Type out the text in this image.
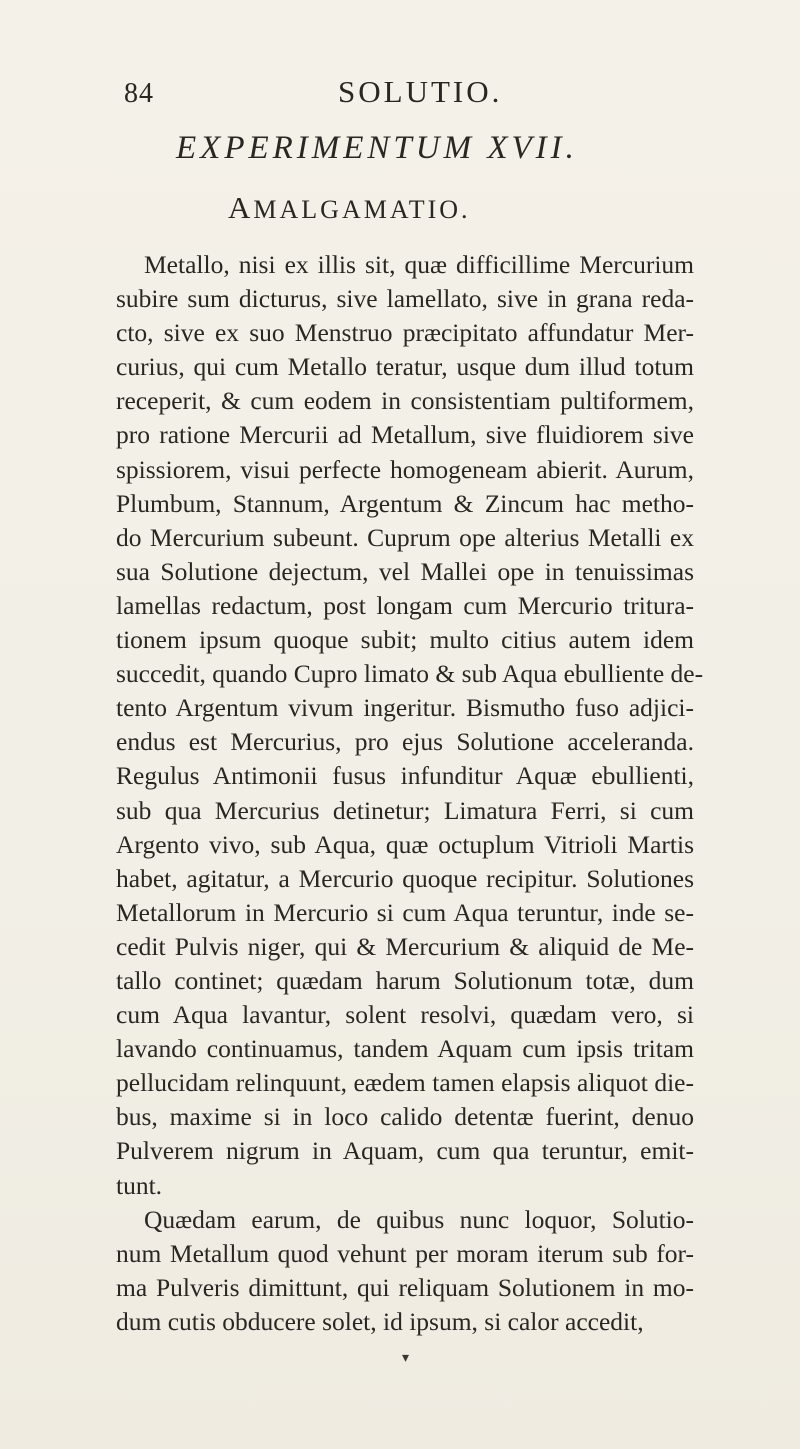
84	SOLUTIO.
EXPERIMENTUM XVII.
AMALGAMATIO.
Metallo, nisi ex illis sit, quæ difficillime Mercurium
subire sum dicturus, sive lamellato, sive in grana reda-
cto, sive ex suo Menstruo præcipitato affundatur Mer-
curius, qui cum Metallo teratur, usque dum illud totum
receperit, & cum eodem in consistentiam pultiformem,
pro ratione Mercurii ad Metallum, sive fluidiorem sive
spissiorem, visui perfecte homogeneam abierit. Aurum,
Plumbum, Stannum, Argentum & Zincum hac metho-
do Mercurium subeunt. Cuprum ope alterius Metalli ex
sua Solutione dejectum, vel Mallei ope in tenuissimas
lamellas redactum, post longam cum Mercurio tritura-
tionem ipsum quoque subit; multo citius autem idem
succedit, quando Cupro limato & sub Aqua ebulliente de-
tento Argentum vivum ingeritur. Bismutho fuso adjici-
endus est Mercurius, pro ejus Solutione acceleranda.
Regulus Antimonii fusus infunditur Aquæ ebullienti,
sub qua Mercurius detinetur; Limatura Ferri, si cum
Argento vivo, sub Aqua, quæ octuplum Vitrioli Martis
habet, agitatur, a Mercurio quoque recipitur. Solutiones
Metallorum in Mercurio si cum Aqua teruntur, inde se-
cedit Pulvis niger, qui & Mercurium & aliquid de Me-
tallo continet; quædam harum Solutionum totæ, dum
cum Aqua lavantur, solent resolvi, quædam vero, si
lavando continuamus, tandem Aquam cum ipsis tritam
pellucidam relinquunt, eædem tamen elapsis aliquot die-
bus, maxime si in loco calido detentæ fuerint, denuo
Pulverem nigrum in Aquam, cum qua teruntur, emit-
tunt.
Quædam earum, de quibus nunc loquor, Solutio-
num Metallum quod vehunt per moram iterum sub for-
ma Pulveris dimittunt, qui reliquam Solutionem in mo-
dum cutis obducere solet, id ipsum, si calor accedit,
▾
